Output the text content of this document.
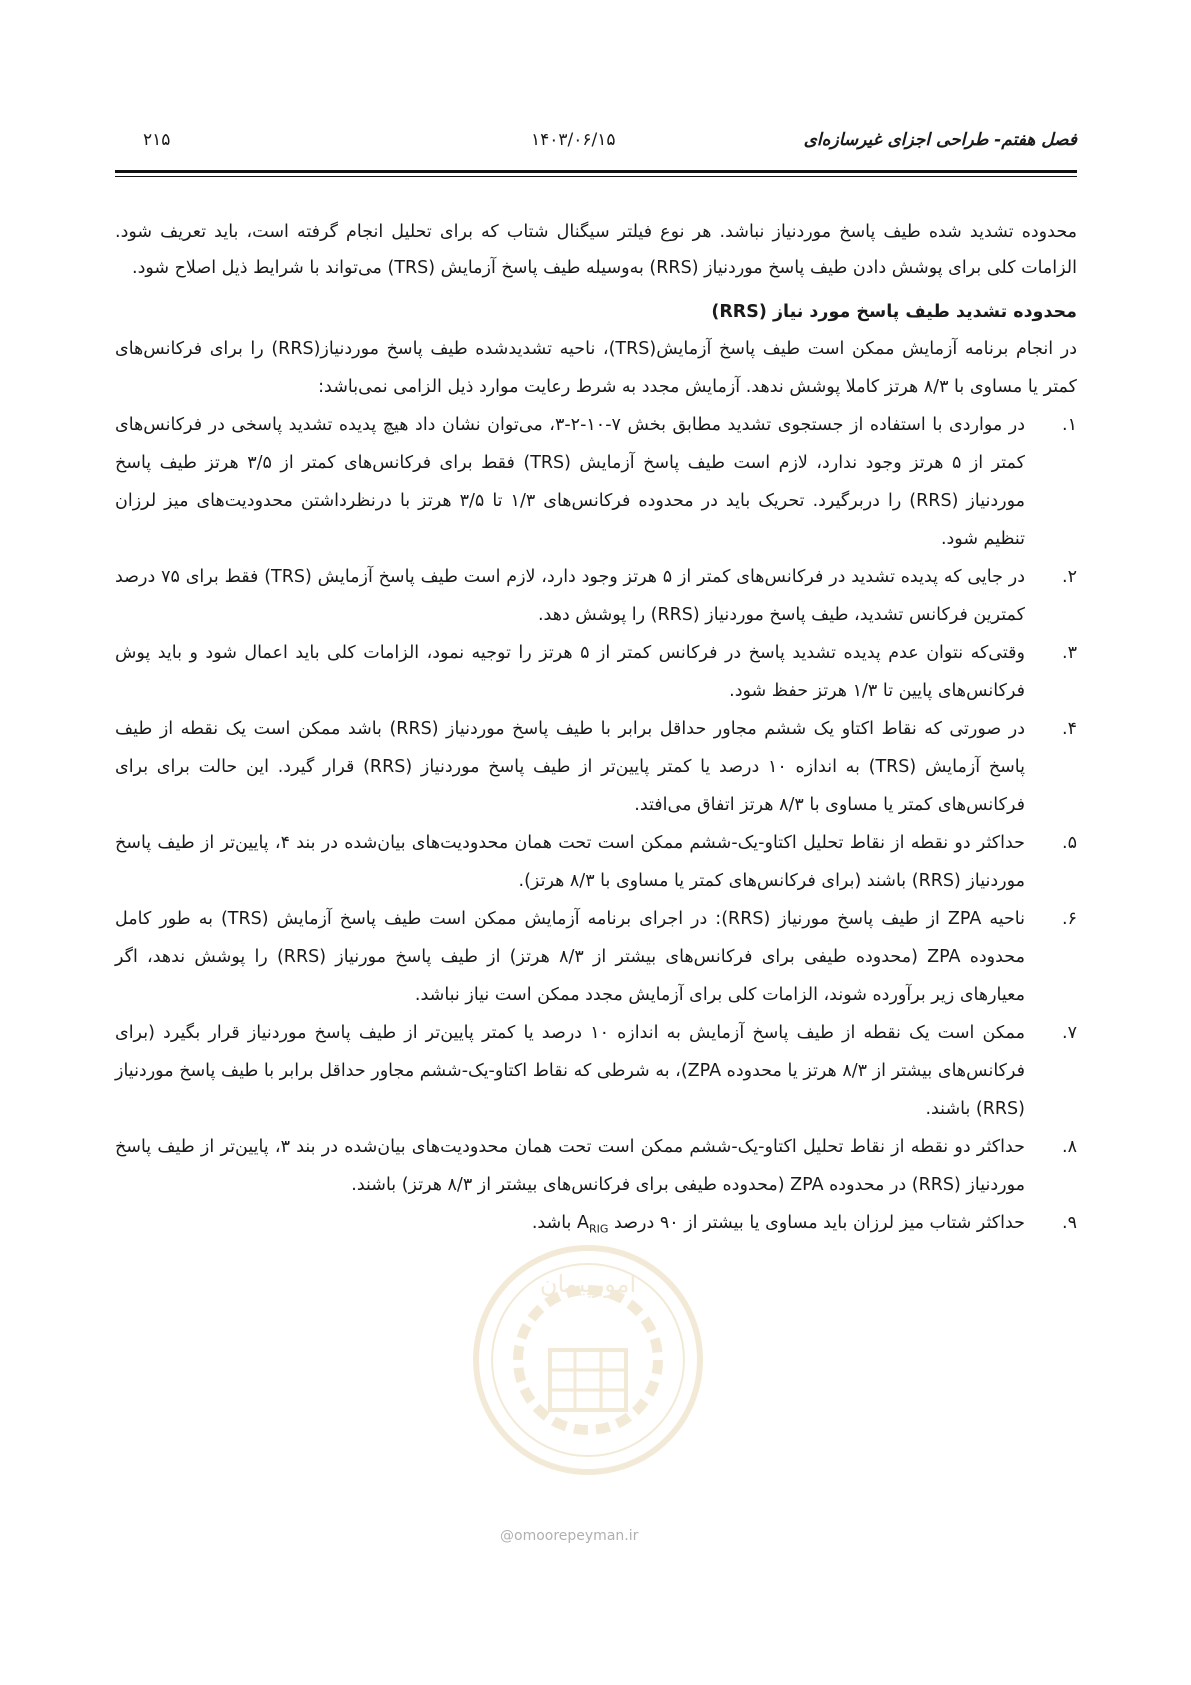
فصل هفتم- طراحی اجزای غیرسازه‌ای
۱۴۰۳/۰۶/۱۵
۲۱۵

محدوده تشدید شده طیف پاسخ موردنیاز نباشد. هر نوع فیلتر سیگنال شتاب که برای تحلیل انجام گرفته است، باید تعریف شود. الزامات کلی برای پوشش دادن طیف پاسخ موردنیاز (RRS) به‌وسیله طیف پاسخ آزمایش (TRS) می‌تواند با شرایط ذیل اصلاح شود.

محدوده تشدید طیف پاسخ مورد نیاز (RRS)

در انجام برنامه آزمایش ممکن است طیف پاسخ آزمایش(TRS)، ناحیه تشدیدشده طیف پاسخ موردنیاز(RRS) را برای فرکانس‌های کمتر یا مساوی با ۸/۳ هرتز کاملا پوشش ندهد. آزمایش مجدد به شرط رعایت موارد ذیل الزامی نمی‌باشد:

۱.
در مواردی با استفاده از جستجوی تشدید مطابق بخش ۷-۱۰-۲-۳، می‌توان نشان داد هیچ پدیده تشدید پاسخی در فرکانس‌های کمتر از ۵ هرتز وجود ندارد، لازم است طیف پاسخ آزمایش (TRS) فقط برای فرکانس‌های کمتر از ۳/۵ هرتز طیف پاسخ موردنیاز (RRS) را دربرگیرد. تحریک باید در محدوده فرکانس‌های ۱/۳ تا ۳/۵ هرتز با درنظرداشتن محدودیت‌های میز لرزان تنظیم شود.
۲.
در جایی که پدیده تشدید در فرکانس‌های کمتر از ۵ هرتز وجود دارد، لازم است طیف پاسخ آزمایش (TRS) فقط برای ۷۵ درصد کمترین فرکانس تشدید، طیف پاسخ موردنیاز (RRS) را پوشش دهد.
۳.
وقتی‌که نتوان عدم پدیده تشدید پاسخ در فرکانس کمتر از ۵ هرتز را توجیه نمود، الزامات کلی باید اعمال شود و باید پوش فرکانس‌های پایین تا ۱/۳ هرتز حفظ شود.
۴.
در صورتی که نقاط اکتاو یک ششم مجاور حداقل برابر با طیف پاسخ موردنیاز (RRS) باشد ممکن است یک نقطه از طیف پاسخ آزمایش (TRS) به اندازه ۱۰ درصد یا کمتر پایین‌تر از طیف پاسخ موردنیاز (RRS) قرار گیرد. این حالت برای برای فرکانس‌های کمتر یا مساوی با ۸/۳ هرتز اتفاق می‌افتد.
۵.
حداکثر دو نقطه از نقاط تحلیل اکتاو-یک-ششم ممکن است تحت همان محدودیت‌های بیان‌شده در بند ۴، پایین‌تر از طیف پاسخ موردنیاز (RRS) باشند (برای فرکانس‌های کمتر یا مساوی با ۸/۳ هرتز).
۶.
ناحیه ZPA از طیف پاسخ مورنیاز (RRS): در اجرای برنامه آزمایش ممکن است طیف پاسخ آزمایش (TRS) به طور کامل محدوده ZPA (محدوده طیفی برای فرکانس‌های بیشتر از ۸/۳ هرتز) از طیف پاسخ مورنیاز (RRS) را پوشش ندهد، اگر معیارهای زیر برآورده شوند، الزامات کلی برای آزمایش مجدد ممکن است نیاز نباشد.
۷.
ممکن است یک نقطه از طیف پاسخ آزمایش به اندازه ۱۰ درصد یا کمتر پایین‌تر از طیف پاسخ موردنیاز قرار بگیرد (برای فرکانس‌های بیشتر از ۸/۳ هرتز یا محدوده ZPA)، به شرطی که نقاط اکتاو-یک-ششم مجاور حداقل برابر با طیف پاسخ موردنیاز (RRS) باشند.
۸.
حداکثر دو نقطه از نقاط تحلیل اکتاو-یک-ششم ممکن است تحت همان محدودیت‌های بیان‌شده در بند ۳، پایین‌تر از طیف پاسخ موردنیاز (RRS) در محدوده ZPA (محدوده طیفی برای فرکانس‌های بیشتر از ۸/۳ هرتز) باشند.
۹.
حداکثر شتاب میز لرزان باید مساوی یا بیشتر از ۹۰ درصد $A_{RIG}$ باشد.
امورپیمان
@omoorepeyman.ir
